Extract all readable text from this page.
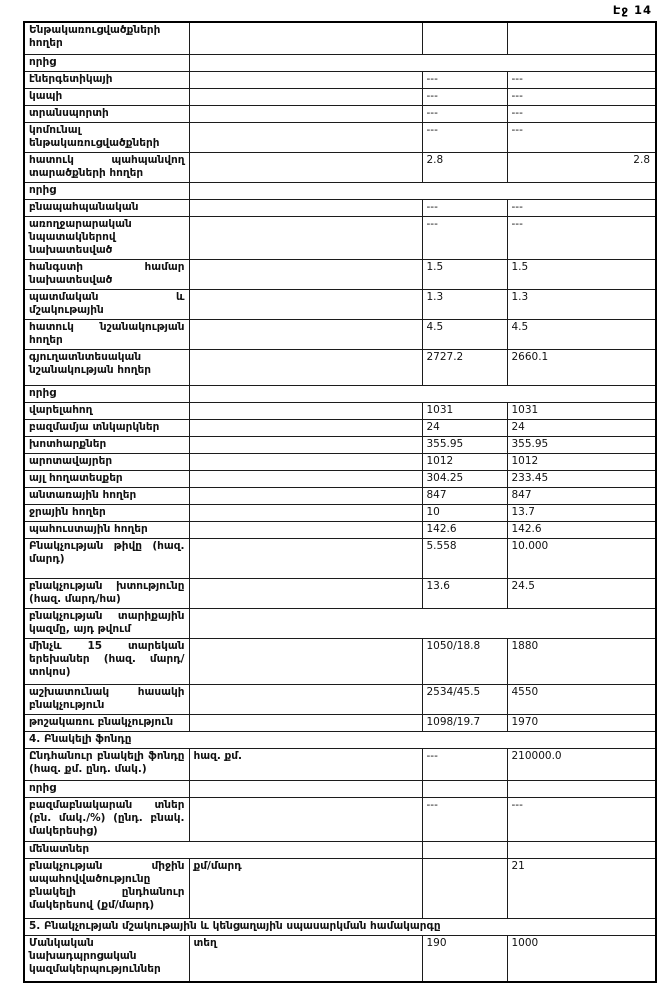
Էջ 14
Ենթակառուցվածքների հողեր			
որից			
էներգետիկայի		---	---
կապի		---	---
տրանսպորտի		---	---
կոմունալ ենթակառուցվածքների		---	---
հատուկ պահպանվող տարածքների հողեր		2.8	2.8
որից			
բնապահպանական		---	---
առողջարարական նպատակներով նախատեսված		---	---
հանգստի համար նախատեսված		1.5	1.5
պատմական և մշակութային		1.3	1.3
հատուկ նշանակության հողեր		4.5	4.5
գյուղատնտեսական նշանակության հողեր		2727.2	2660.1
որից			
վարելահող		1031	1031
բազմամյա տնկարկներ		24	24
խոտհարքներ		355.95	355.95
արոտավայրեր		1012	1012
այլ հողատեսքեր		304.25	233.45
անտառային հողեր		847	847
ջրային հողեր		10	13.7
պահուստային հողեր		142.6	142.6
Բնակչության թիվը (հազ. մարդ)		5.558	10.000
բնակչության խտությունը (հազ. մարդ/հա)		13.6	24.5
բնակչության տարիքային կազմը, այդ թվում			
մինչև 15 տարեկան երեխաներ (հազ. մարդ/տոկոս)		1050/18.8	1880
աշխատունակ հասակի բնակչություն		2534/45.5	4550
թոշակառու բնակչություն		1098/19.7	1970
4. Բնակելի ֆոնդը			
Ընդհանուր բնակելի ֆոնդը (հազ. քմ. ընդ. մակ.)	հազ. քմ.	---	210000.0
որից			
բազմաբնակարան տներ (բն. մակ./%) (ընդ. բնակ. մակերեսից)		---	---
մենատներ			
բնակչության միջին ապահովվածությունը բնակելի ընդհանուր մակերեսով (քմ/մարդ)	քմ/մարդ		21
5. Բնակչության մշակութային և կենցաղային սպասարկման համակարգը			
Մանկական նախադպրոցական կազմակերպություններ	տեղ	190	1000
